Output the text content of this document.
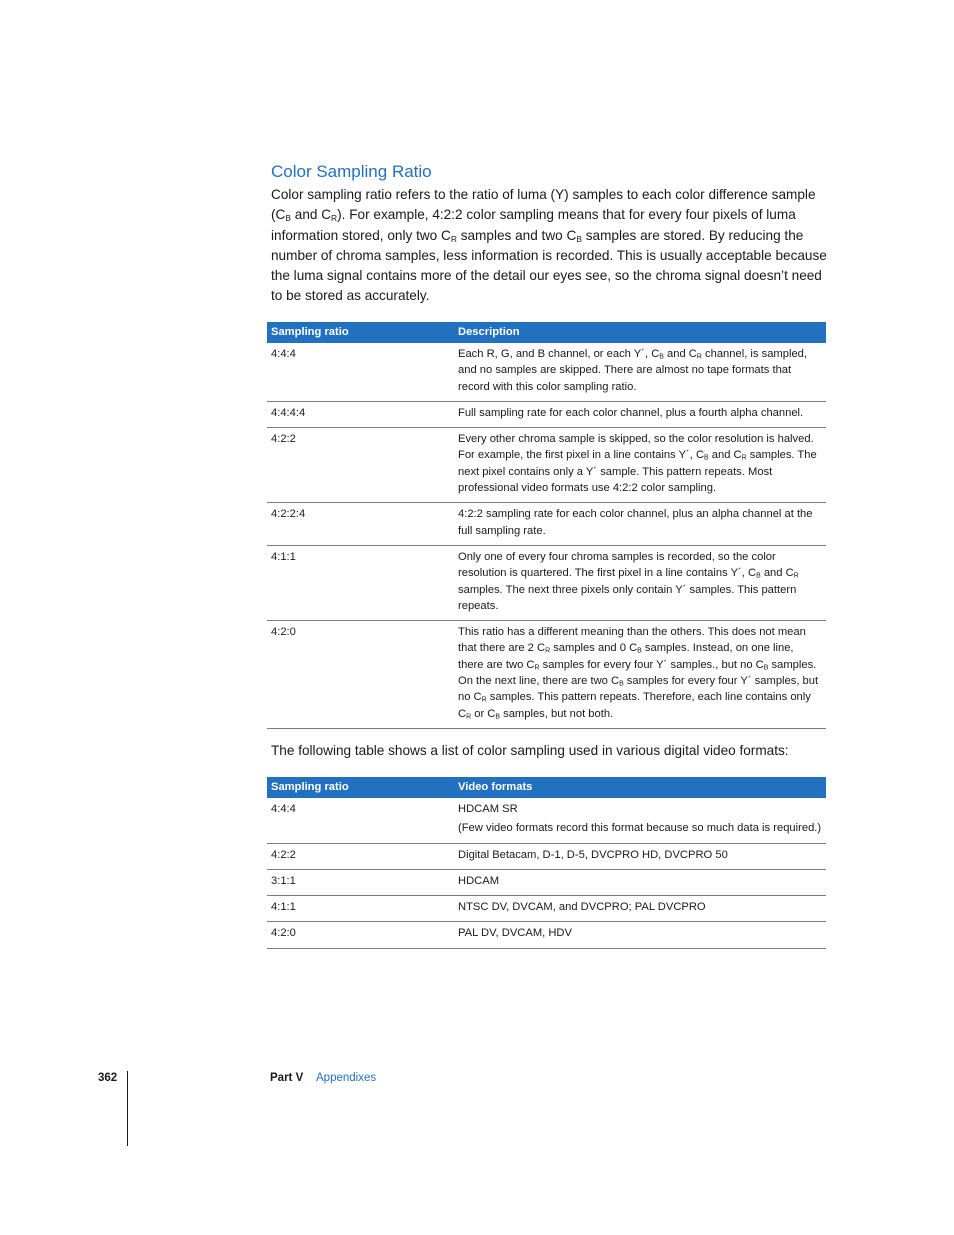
Color Sampling Ratio

Color sampling ratio refers to the ratio of luma (Y) samples to each color difference sample ($C_B$ and $C_R$). For example, 4:2:2 color sampling means that for every four pixels of luma information stored, only two $C_R$ samples and two $C_B$ samples are stored. By reducing the number of chroma samples, less information is recorded. This is usually acceptable because the luma signal contains more of the detail our eyes see, so the chroma signal doesn’t need to be stored as accurately.

Sampling ratio	Description
4:4:4	Each R, G, and B channel, or each Y´, $C_B$ and $C_R$ channel, is sampled, and no samples are skipped. There are almost no tape formats that record with this color sampling ratio.

4:4:4:4	Full sampling rate for each color channel, plus a fourth alpha channel.

4:2:2	Every other chroma sample is skipped, so the color resolution is halved. For example, the first pixel in a line contains Y´, $C_B$ and $C_R$ samples. The next pixel contains only a Y´ sample. This pattern repeats. Most professional video formats use 4:2:2 color sampling.

4:2:2:4	4:2:2 sampling rate for each color channel, plus an alpha channel at the full sampling rate.

4:1:1	Only one of every four chroma samples is recorded, so the color resolution is quartered. The first pixel in a line contains Y´, $C_B$ and $C_R$ samples. The next three pixels only contain Y´ samples. This pattern repeats.

4:2:0	This ratio has a different meaning than the others. This does not mean that there are 2 $C_R$ samples and 0 $C_B$ samples. Instead, on one line, there are two $C_R$ samples for every four Y´ samples., but no $C_B$ samples. On the next line, there are two $C_B$ samples for every four Y´ samples, but no $C_R$ samples. This pattern repeats. Therefore, each line contains only $C_R$ or $C_B$ samples, but not both.

The following table shows a list of color sampling used in various digital video formats:

Sampling ratio	Video formats
4:4:4	HDCAM SR

(Few video formats record this format because so much data is required.)

4:2:2	Digital Betacam, D-1, D-5, DVCPRO HD, DVCPRO 50

3:1:1	HDCAM

4:1:1	NTSC DV, DVCAM, and DVCPRO; PAL DVCPRO

4:2:0	PAL DV, DVCAM, HDV

362	Part V Appendixes
